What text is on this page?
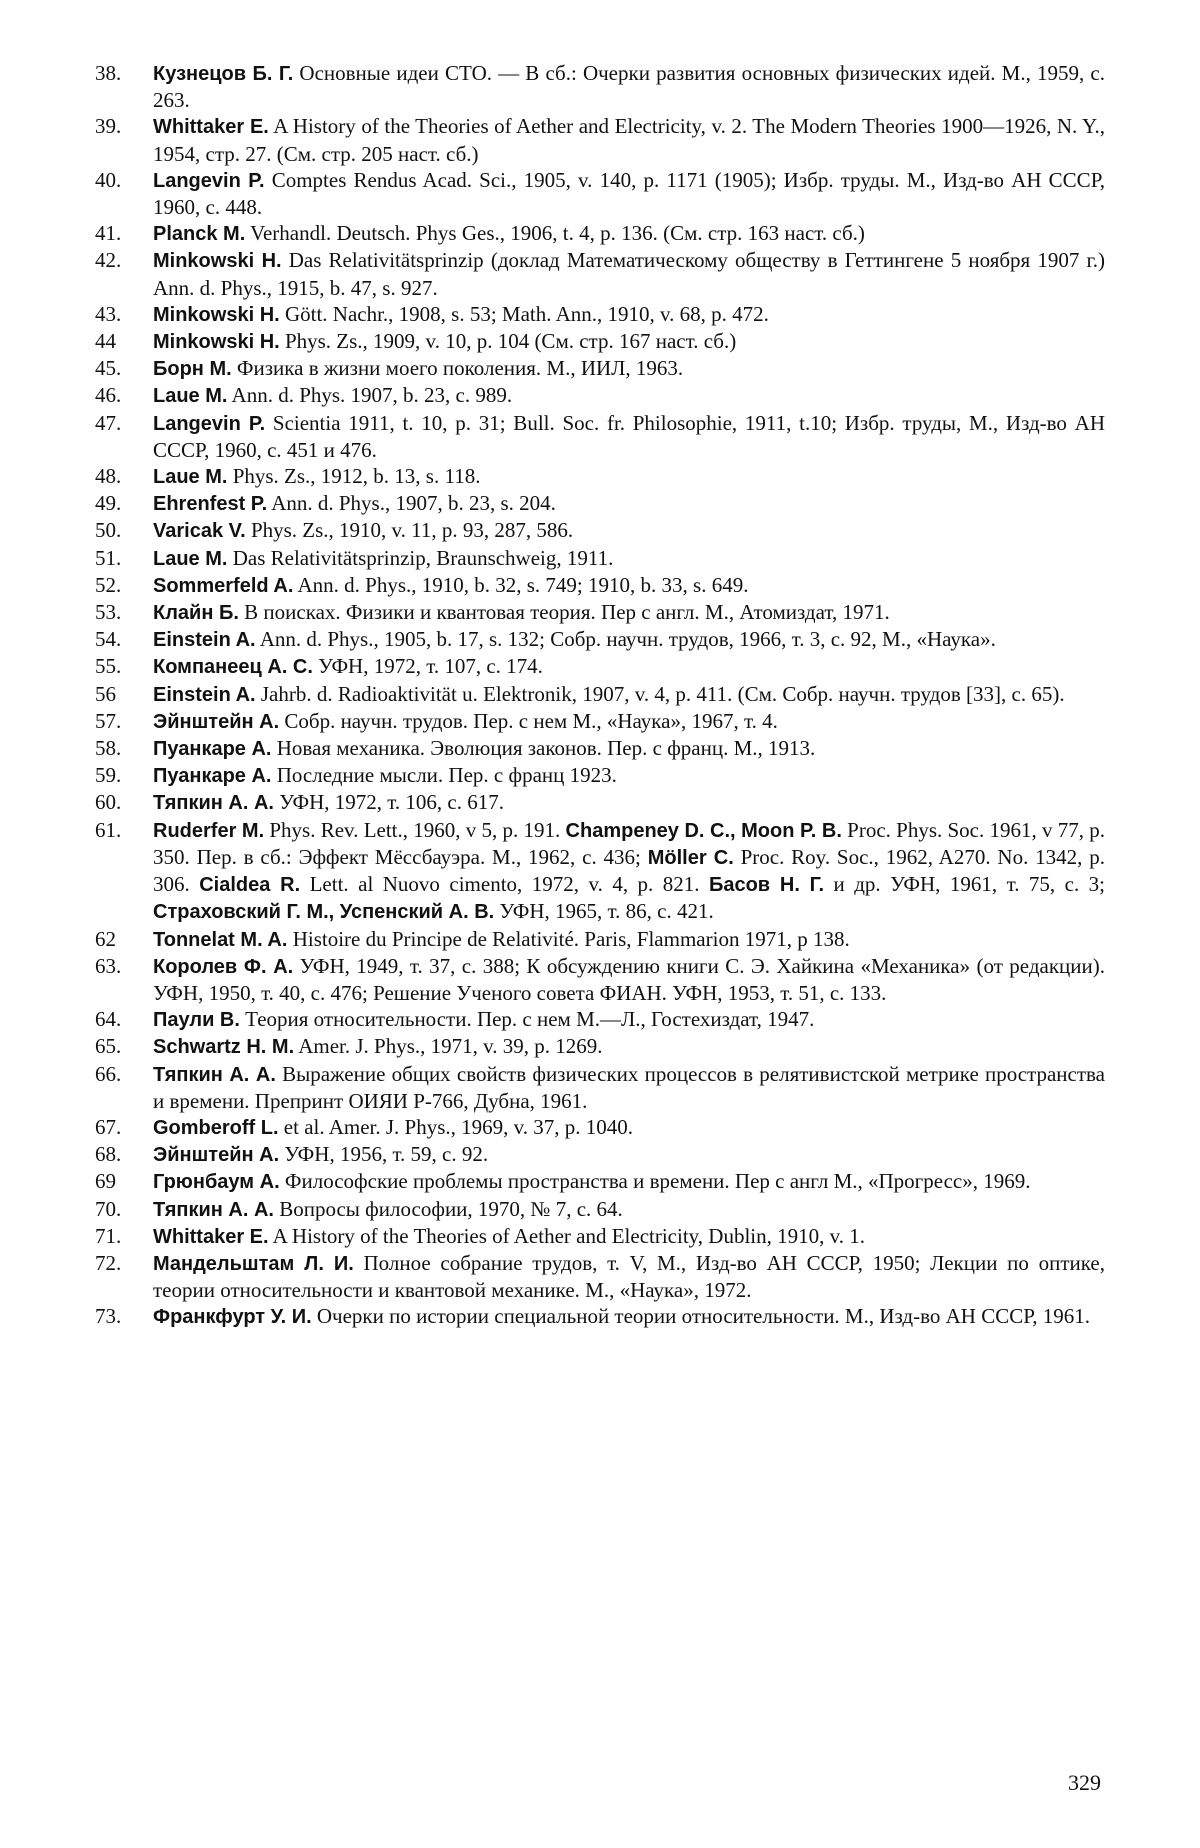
38. Кузнецов Б. Г. Основные идеи СТО. — В сб.: Очерки развития основных физических идей. М., 1959, с. 263.
39. Whittaker E. A History of the Theories of Aether and Electricity, v. 2. The Modern Theories 1900—1926, N. Y., 1954, стр. 27. (См. стр. 205 наст. сб.)
40. Langevin P. Comptes Rendus Acad. Sci., 1905, v. 140, p. 1171 (1905); Избр. труды. М., Изд-во АН СССР, 1960, с. 448.
41. Planck M. Verhandl. Deutsch. Phys Ges., 1906, t. 4, p. 136. (См. стр. 163 наст. сб.)
42. Minkowski H. Das Relativitätsprinzip (доклад Математическому обществу в Геттингене 5 ноября 1907 г.) Ann. d. Phys., 1915, b. 47, s. 927.
43. Minkowski H. Gött. Nachr., 1908, s. 53; Math. Ann., 1910, v. 68, p. 472.
44 Minkowski H. Phys. Zs., 1909, v. 10, p. 104 (См. стр. 167 наст. сб.)
45. Борн М. Физика в жизни моего поколения. М., ИИЛ, 1963.
46. Laue M. Ann. d. Phys. 1907, b. 23, c. 989.
47. Langevin P. Scientia 1911, t. 10, p. 31; Bull. Soc. fr. Philosophie, 1911, t.10; Избр. труды, М., Изд-во АН СССР, 1960, с. 451 и 476.
48. Laue M. Phys. Zs., 1912, b. 13, s. 118.
49. Ehrenfest P. Ann. d. Phys., 1907, b. 23, s. 204.
50. Varicak V. Phys. Zs., 1910, v. 11, p. 93, 287, 586.
51. Laue M. Das Relativitätsprinzip, Braunschweig, 1911.
52. Sommerfeld A. Ann. d. Phys., 1910, b. 32, s. 749; 1910, b. 33, s. 649.
53. Клайн Б. В поисках. Физики и квантовая теория. Пер с англ. М., Атомиздат, 1971.
54. Einstein A. Ann. d. Phys., 1905, b. 17, s. 132; Собр. научн. трудов, 1966, т. 3, с. 92, М., «Наука».
55. Компанеец А. С. УФН, 1972, т. 107, с. 174.
56 Einstein A. Jahrb. d. Radioaktivität u. Elektronik, 1907, v. 4, p. 411. (См. Собр. научн. трудов [33], с. 65).
57. Эйнштейн А. Собр. научн. трудов. Пер. с нем М., «Наука», 1967, т. 4.
58. Пуанкаре А. Новая механика. Эволюция законов. Пер. с франц. М., 1913.
59. Пуанкаре А. Последние мысли. Пер. с франц 1923.
60. Тяпкин А. А. УФН, 1972, т. 106, с. 617.
61. Ruderfer M. Phys. Rev. Lett., 1960, v 5, p. 191. Champeney D. C., Moon P. B. Proc. Phys. Soc. 1961, v 77, p. 350. Пер. в сб.: Эффект Мёссбауэра. М., 1962, с. 436; Möller C. Proc. Roy. Soc., 1962, A270. No. 1342, p. 306. Cialdea R. Lett. al Nuovo cimento, 1972, v. 4, p. 821. Басов Н. Г. и др. УФН, 1961, т. 75, с. 3; Страховский Г. М., Успенский А. В. УФН, 1965, т. 86, с. 421.
62 Tonnelat M. A. Histoire du Principe de Relativité. Paris, Flammarion 1971, p 138.
63. Королев Ф. А. УФН, 1949, т. 37, с. 388; К обсуждению книги С. Э. Хайкина «Механика» (от редакции). УФН, 1950, т. 40, с. 476; Решение Ученого совета ФИАН. УФН, 1953, т. 51, с. 133.
64. Паули В. Теория относительности. Пер. с нем М.—Л., Гостехиздат, 1947.
65. Schwartz H. M. Amer. J. Phys., 1971, v. 39, p. 1269.
66. Тяпкин А. А. Выражение общих свойств физических процессов в релятивистской метрике пространства и времени. Препринт ОИЯИ Р-766, Дубна, 1961.
67. Gomberoff L. et al. Amer. J. Phys., 1969, v. 37, p. 1040.
68. Эйнштейн А. УФН, 1956, т. 59, с. 92.
69 Грюнбаум А. Философские проблемы пространства и времени. Пер с англ М., «Прогресс», 1969.
70. Тяпкин А. А. Вопросы философии, 1970, № 7, с. 64.
71. Whittaker E. A History of the Theories of Aether and Electricity, Dublin, 1910, v. 1.
72. Мандельштам Л. И. Полное собрание трудов, т. V, М., Изд-во АН СССР, 1950; Лекции по оптике, теории относительности и квантовой механике. М., «Наука», 1972.
73. Франкфурт У. И. Очерки по истории специальной теории относительности. М., Изд-во АН СССР, 1961.
329
